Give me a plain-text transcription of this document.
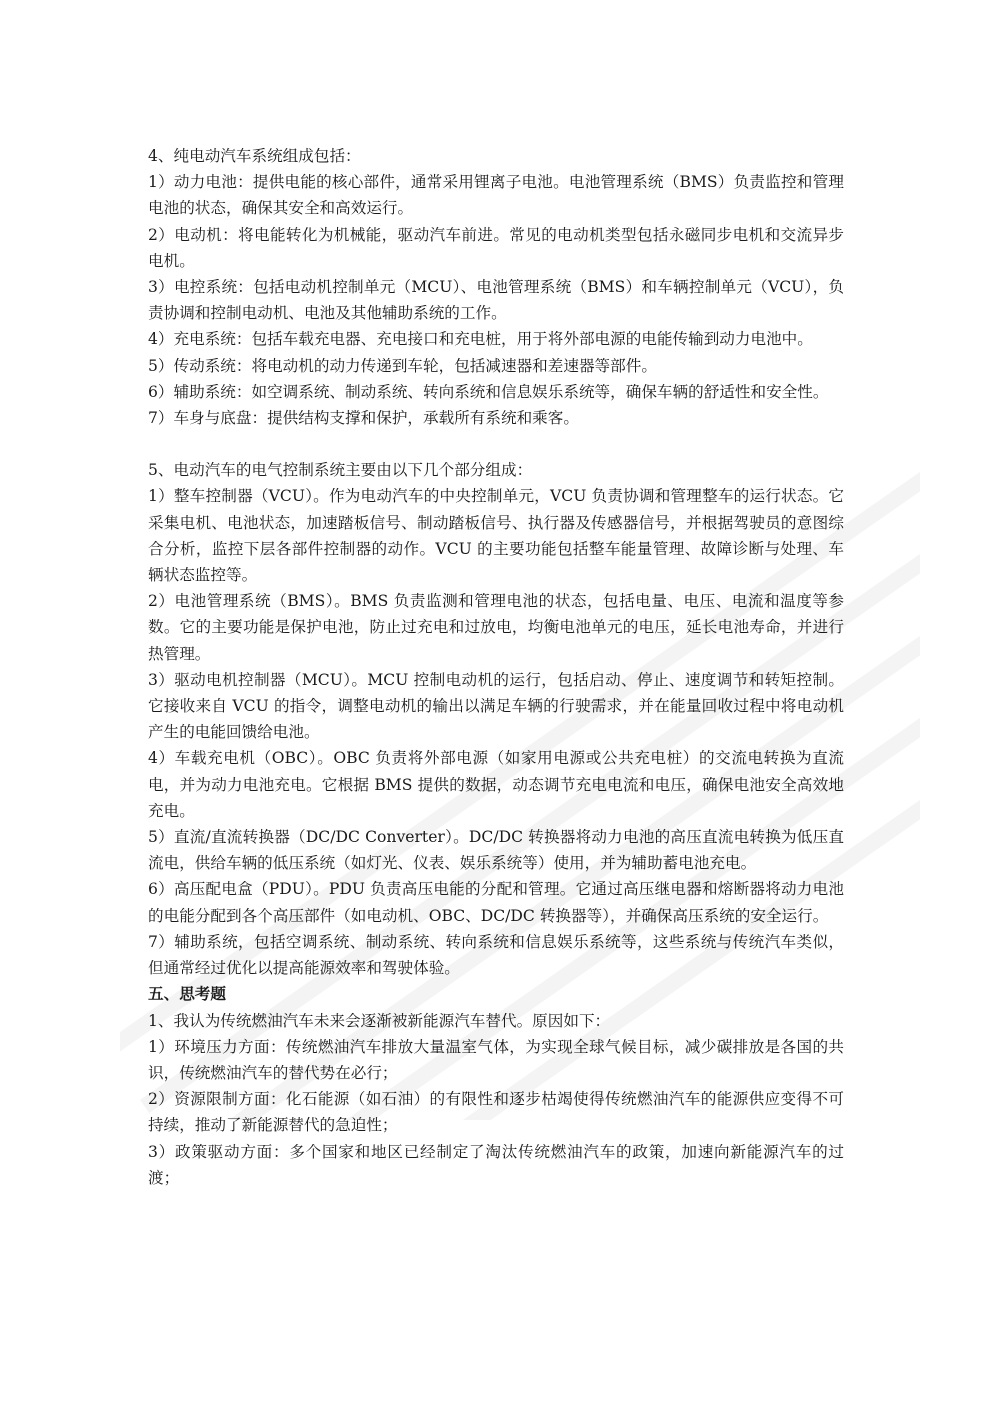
4、纯电动汽车系统组成包括：

1）动力电池：提供电能的核心部件，通常采用锂离子电池。电池管理系统（BMS）负责监控和管理电池的状态，确保其安全和高效运行。

2）电动机：将电能转化为机械能，驱动汽车前进。常见的电动机类型包括永磁同步电机和交流异步电机。

3）电控系统：包括电动机控制单元（MCU）、电池管理系统（BMS）和车辆控制单元（VCU），负责协调和控制电动机、电池及其他辅助系统的工作。

4）充电系统：包括车载充电器、充电接口和充电桩，用于将外部电源的电能传输到动力电池中。

5）传动系统：将电动机的动力传递到车轮，包括减速器和差速器等部件。

6）辅助系统：如空调系统、制动系统、转向系统和信息娱乐系统等，确保车辆的舒适性和安全性。

7）车身与底盘：提供结构支撑和保护，承载所有系统和乘客。

5、电动汽车的电气控制系统主要由以下几个部分组成：

1）整车控制器（VCU）。作为电动汽车的中央控制单元，VCU 负责协调和管理整车的运行状态。它采集电机、电池状态，加速踏板信号、制动踏板信号、执行器及传感器信号，并根据驾驶员的意图综合分析，监控下层各部件控制器的动作。VCU 的主要功能包括整车能量管理、故障诊断与处理、车辆状态监控等。

2）电池管理系统（BMS）。BMS 负责监测和管理电池的状态，包括电量、电压、电流和温度等参数。它的主要功能是保护电池，防止过充电和过放电，均衡电池单元的电压，延长电池寿命，并进行热管理。

3）驱动电机控制器（MCU）。MCU 控制电动机的运行，包括启动、停止、速度调节和转矩控制。它接收来自 VCU 的指令，调整电动机的输出以满足车辆的行驶需求，并在能量回收过程中将电动机产生的电能回馈给电池。

4）车载充电机（OBC）。OBC 负责将外部电源（如家用电源或公共充电桩）的交流电转换为直流电，并为动力电池充电。它根据 BMS 提供的数据，动态调节充电电流和电压，确保电池安全高效地充电。

5）直流/直流转换器（DC/DC Converter）。DC/DC 转换器将动力电池的高压直流电转换为低压直流电，供给车辆的低压系统（如灯光、仪表、娱乐系统等）使用，并为辅助蓄电池充电。

6）高压配电盒（PDU）。PDU 负责高压电能的分配和管理。它通过高压继电器和熔断器将动力电池的电能分配到各个高压部件（如电动机、OBC、DC/DC 转换器等），并确保高压系统的安全运行。

7）辅助系统，包括空调系统、制动系统、转向系统和信息娱乐系统等，这些系统与传统汽车类似，但通常经过优化以提高能源效率和驾驶体验。

五、思考题

1、我认为传统燃油汽车未来会逐渐被新能源汽车替代。原因如下：

1）环境压力方面：传统燃油汽车排放大量温室气体，为实现全球气候目标，减少碳排放是各国的共识，传统燃油汽车的替代势在必行；

2）资源限制方面：化石能源（如石油）的有限性和逐步枯竭使得传统燃油汽车的能源供应变得不可持续，推动了新能源替代的急迫性；

3）政策驱动方面：多个国家和地区已经制定了淘汰传统燃油汽车的政策，加速向新能源汽车的过渡；
